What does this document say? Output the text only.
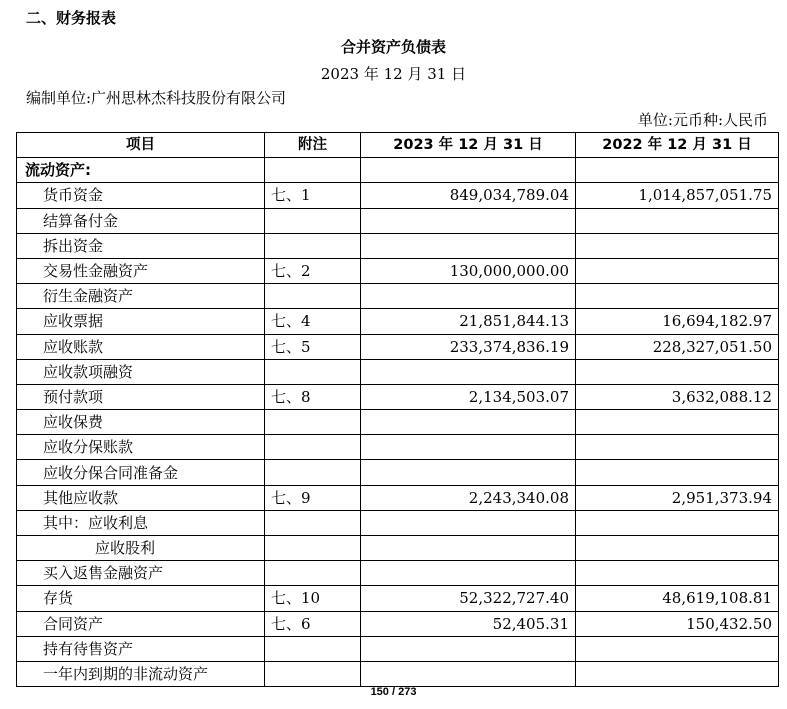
二、财务报表
合并资产负债表
2023 年 12 月 31 日
编制单位:广州思林杰科技股份有限公司
单位:元币种:人民币
项目	附注	2023 年 12 月 31 日	2022 年 12 月 31 日
流动资产:			
货币资金	七、1	849,034,789.04	1,014,857,051.75
结算备付金			
拆出资金			
交易性金融资产	七、2	130,000,000.00	
衍生金融资产			
应收票据	七、4	21,851,844.13	16,694,182.97
应收账款	七、5	233,374,836.19	228,327,051.50
应收款项融资			
预付款项	七、8	2,134,503.07	3,632,088.12
应收保费			
应收分保账款			
应收分保合同准备金			
其他应收款	七、9	2,243,340.08	2,951,373.94
其中：应收利息			
应收股利			
买入返售金融资产			
存货	七、10	52,322,727.40	48,619,108.81
合同资产	七、6	52,405.31	150,432.50
持有待售资产			
一年内到期的非流动资产			
150 / 273
